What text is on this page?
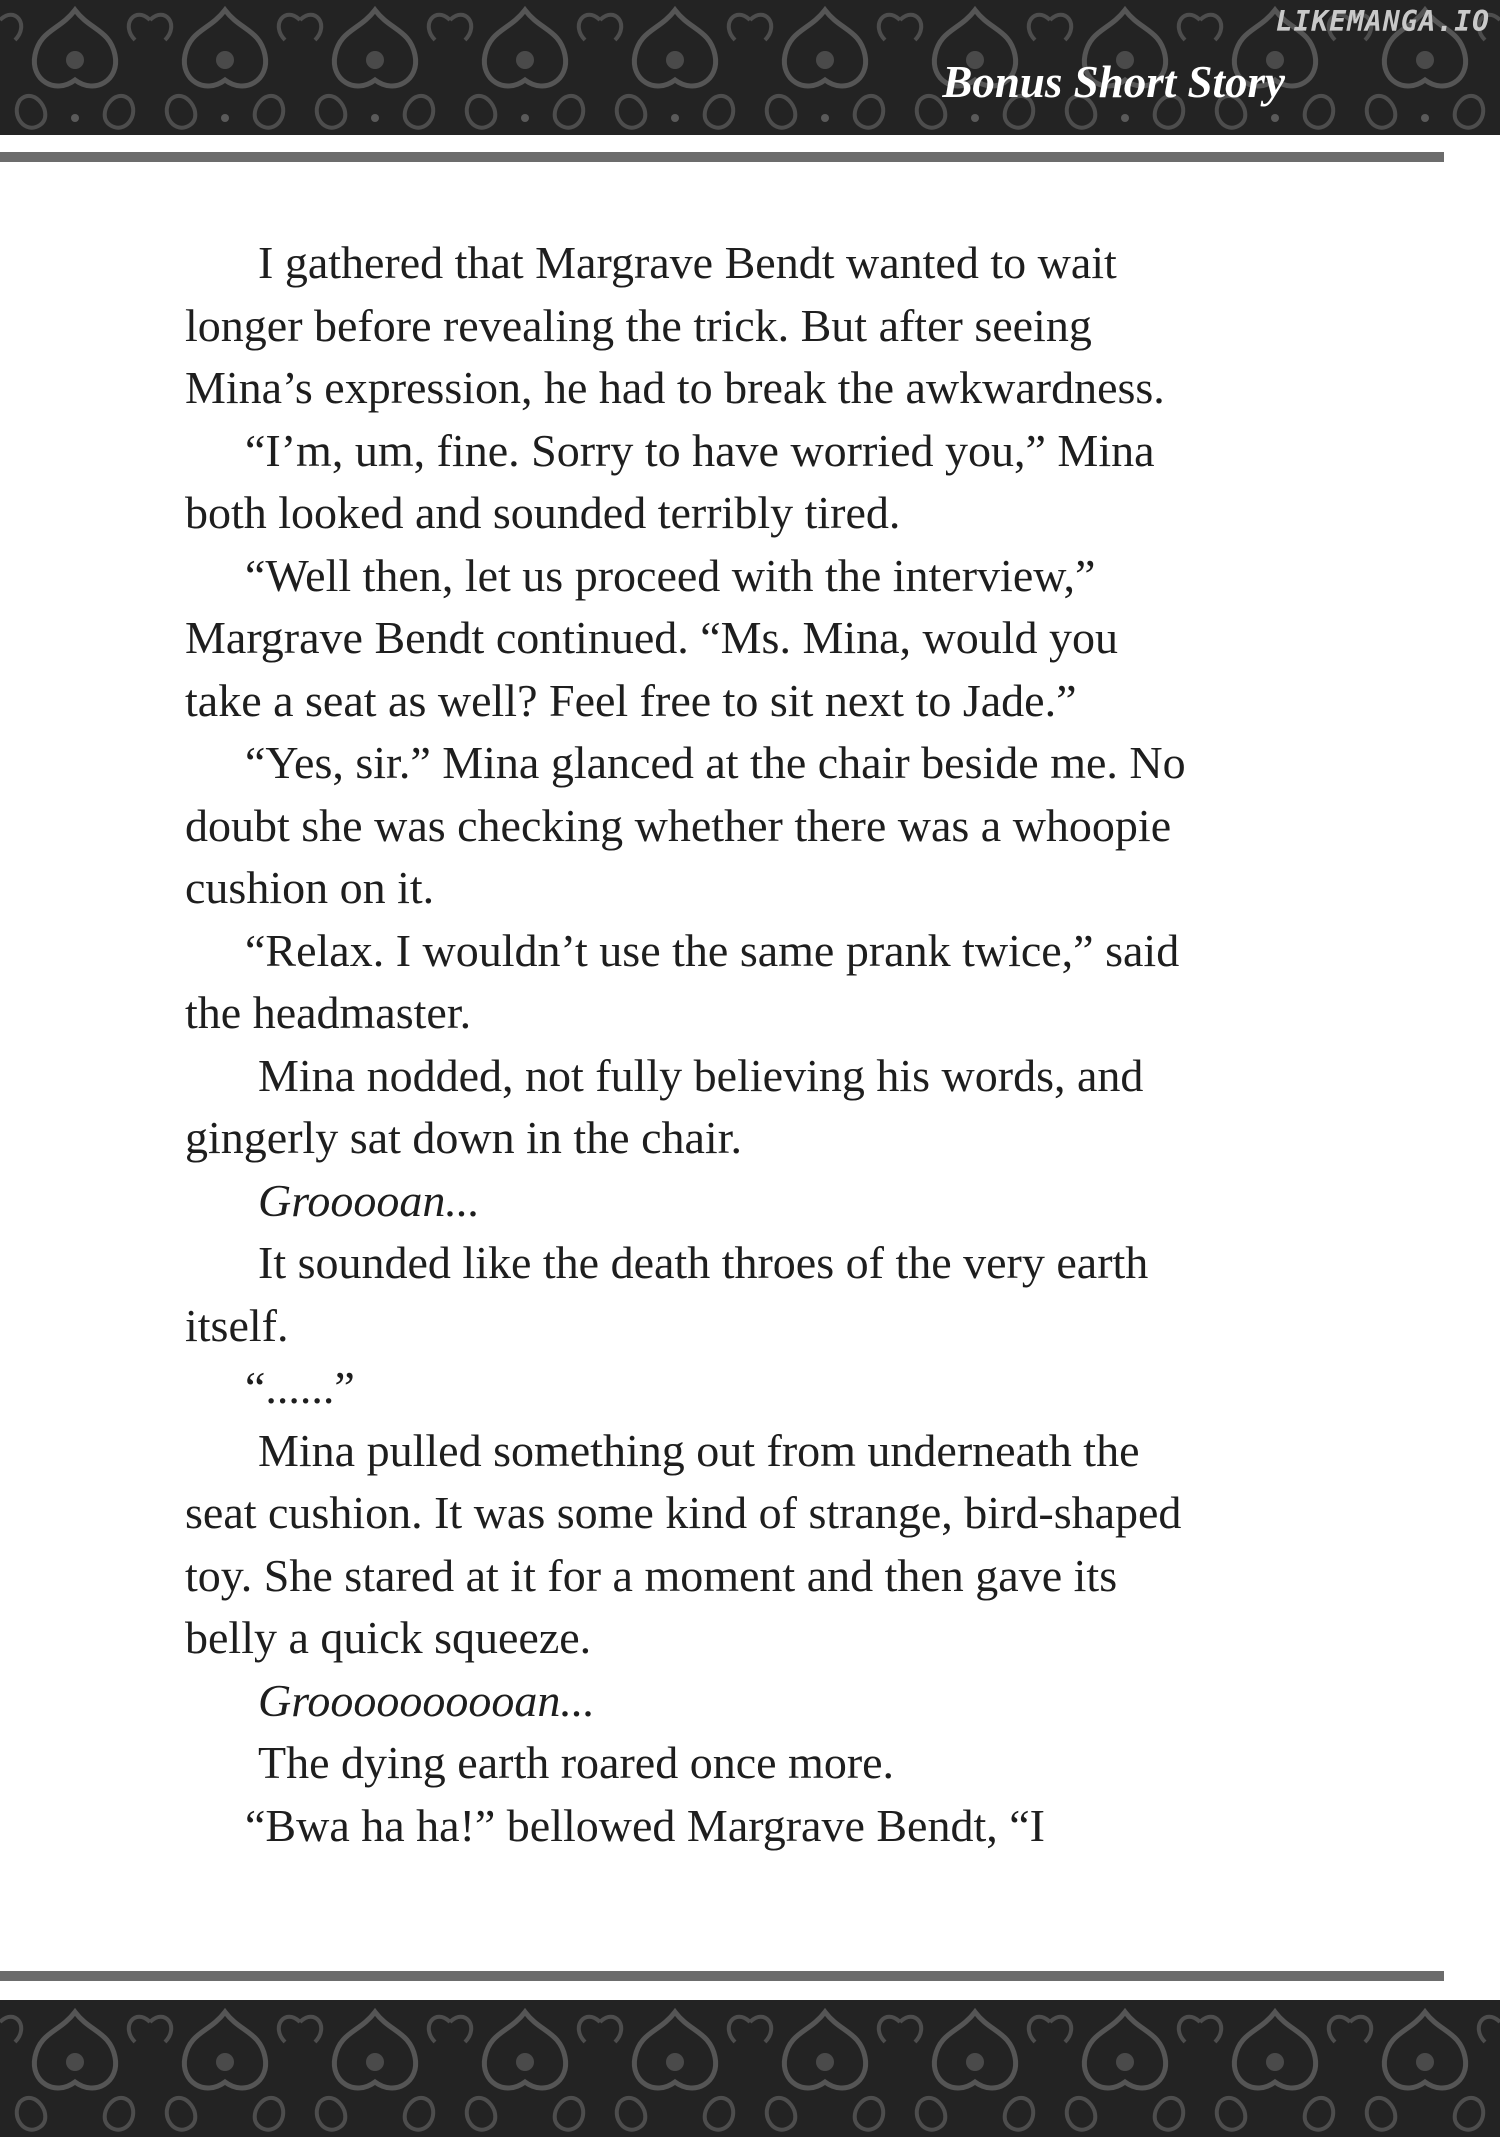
LIKEMANGA.IO
Bonus Short Story
I gathered that Margrave Bendt wanted to wait
longer before revealing the trick. But after seeing
Mina’s expression, he had to break the awkwardness.
“I’m, um, fine. Sorry to have worried you,” Mina
both looked and sounded terribly tired.
“Well then, let us proceed with the interview,”
Margrave Bendt continued. “Ms. Mina, would you
take a seat as well? Feel free to sit next to Jade.”
“Yes, sir.” Mina glanced at the chair beside me. No
doubt she was checking whether there was a whoopie
cushion on it.
“Relax. I wouldn’t use the same prank twice,” said
the headmaster.
Mina nodded, not fully believing his words, and
gingerly sat down in the chair.
Grooooan...
It sounded like the death throes of the very earth
itself.
“......”
Mina pulled something out from underneath the
seat cushion. It was some kind of strange, bird-shaped
toy. She stared at it for a moment and then gave its
belly a quick squeeze.
Groooooooooan...
The dying earth roared once more.
“Bwa ha ha!” bellowed Margrave Bendt, “I
